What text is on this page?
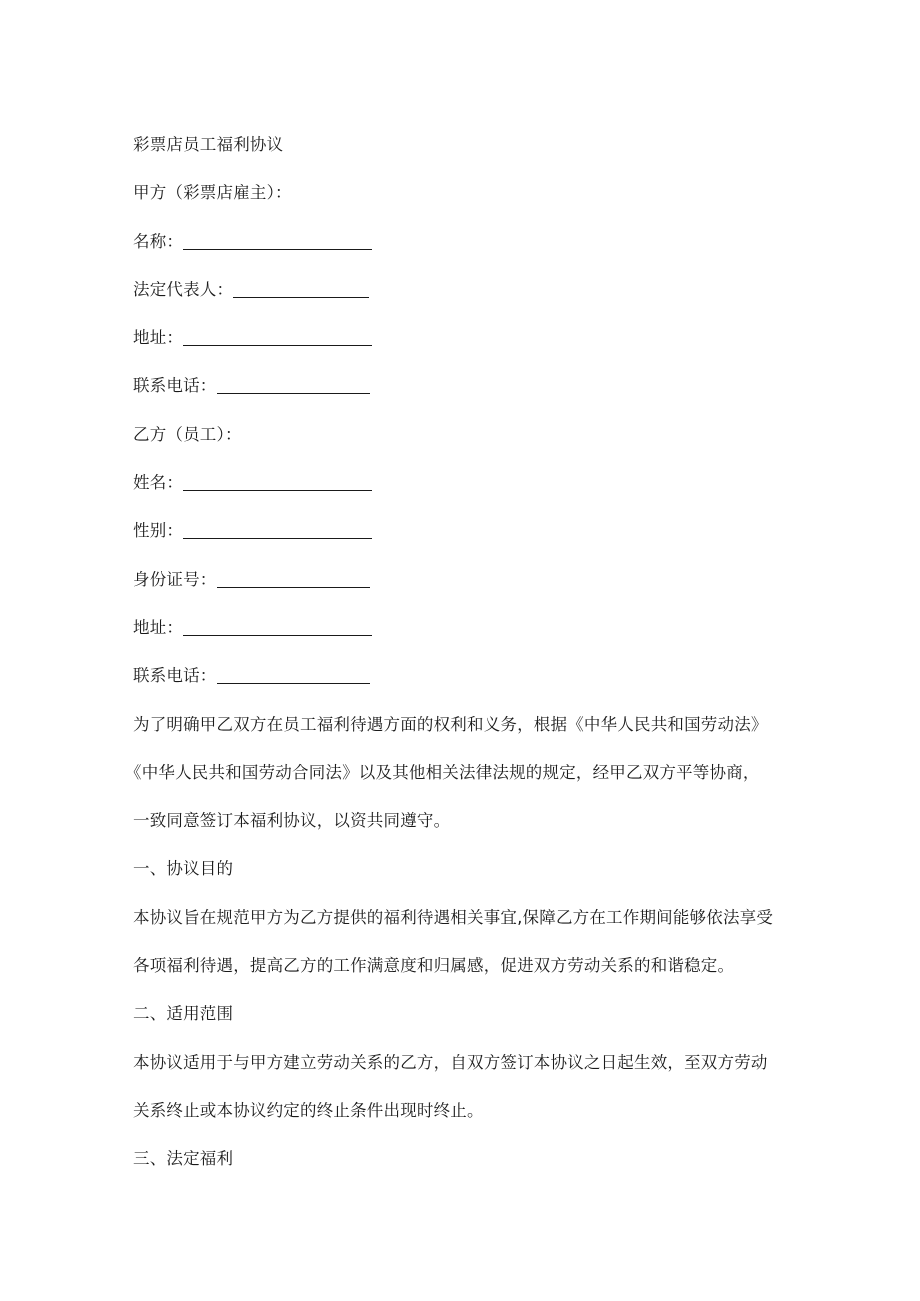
彩票店员工福利协议
甲方（彩票店雇主）：
名称：
法定代表人：
地址：
联系电话：
乙方（员工）：
姓名：
性别：
身份证号：
地址：
联系电话：
为了明确甲乙双方在员工福利待遇方面的权利和义务，根据《中华人民共和国劳动法》
《中华人民共和国劳动合同法》以及其他相关法律法规的规定，经甲乙双方平等协商，
一致同意签订本福利协议，以资共同遵守。
一、协议目的
本协议旨在规范甲方为乙方提供的福利待遇相关事宜,保障乙方在工作期间能够依法享受
各项福利待遇，提高乙方的工作满意度和归属感，促进双方劳动关系的和谐稳定。
二、适用范围
本协议适用于与甲方建立劳动关系的乙方，自双方签订本协议之日起生效，至双方劳动
关系终止或本协议约定的终止条件出现时终止。
三、法定福利
